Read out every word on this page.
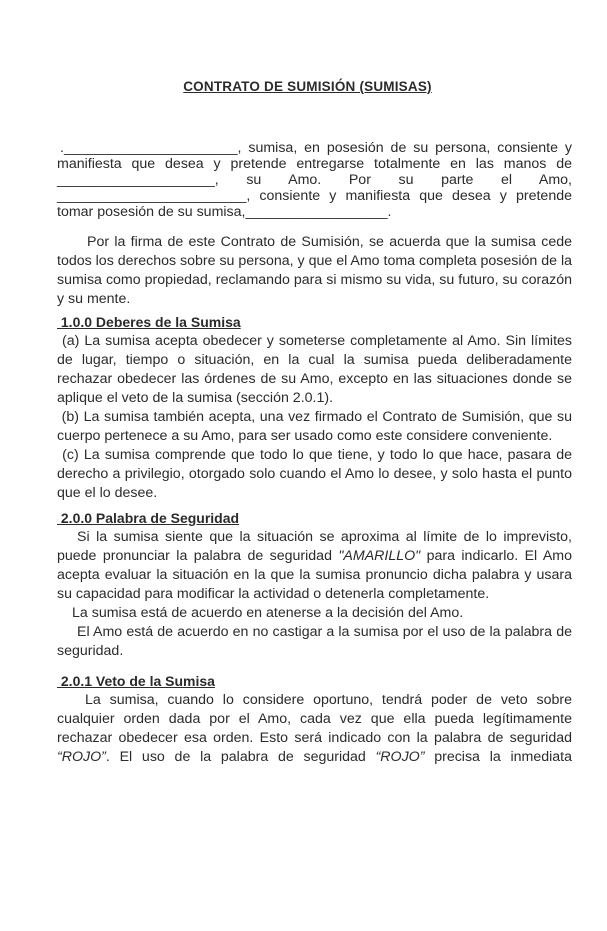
CONTRATO DE SUMISIÓN (SUMISAS)

.______________________, sumisa, en posesión de su persona, consiente y manifiesta que desea y pretende entregarse totalmente en las manos de ____________________, su Amo. Por su parte el Amo, ________________________, consiente y manifiesta que desea y pretende tomar posesión de su sumisa,__________________.

Por la firma de este Contrato de Sumisión, se acuerda que la sumisa cede todos los derechos sobre su persona, y que el Amo toma completa posesión de la sumisa como propiedad, reclamando para si mismo su vida, su futuro, su corazón y su mente.

1.0.0 Deberes de la Sumisa

(a) La sumisa acepta obedecer y someterse completamente al Amo. Sin límites de lugar, tiempo o situación, en la cual la sumisa pueda deliberadamente rechazar obedecer las órdenes de su Amo, excepto en las situaciones donde se aplique el veto de la sumisa (sección 2.0.1).

(b) La sumisa también acepta, una vez firmado el Contrato de Sumisión, que su cuerpo pertenece a su Amo, para ser usado como este considere conveniente.

(c) La sumisa comprende que todo lo que tiene, y todo lo que hace, pasara de derecho a privilegio, otorgado solo cuando el Amo lo desee, y solo hasta el punto que el lo desee.

2.0.0 Palabra de Seguridad

Si la sumisa siente que la situación se aproxima al límite de lo imprevisto, puede pronunciar la palabra de seguridad "AMARILLO" para indicarlo. El Amo acepta evaluar la situación en la que la sumisa pronuncio dicha palabra y usara su capacidad para modificar la actividad o detenerla completamente.

La sumisa está de acuerdo en atenerse a la decisión del Amo.

El Amo está de acuerdo en no castigar a la sumisa por el uso de la palabra de seguridad.

2.0.1 Veto de la Sumisa

La sumisa, cuando lo considere oportuno, tendrá poder de veto sobre cualquier orden dada por el Amo, cada vez que ella pueda legítimamente rechazar obedecer esa orden. Esto será indicado con la palabra de seguridad “ROJO”. El uso de la palabra de seguridad “ROJO” precisa la inmediata
